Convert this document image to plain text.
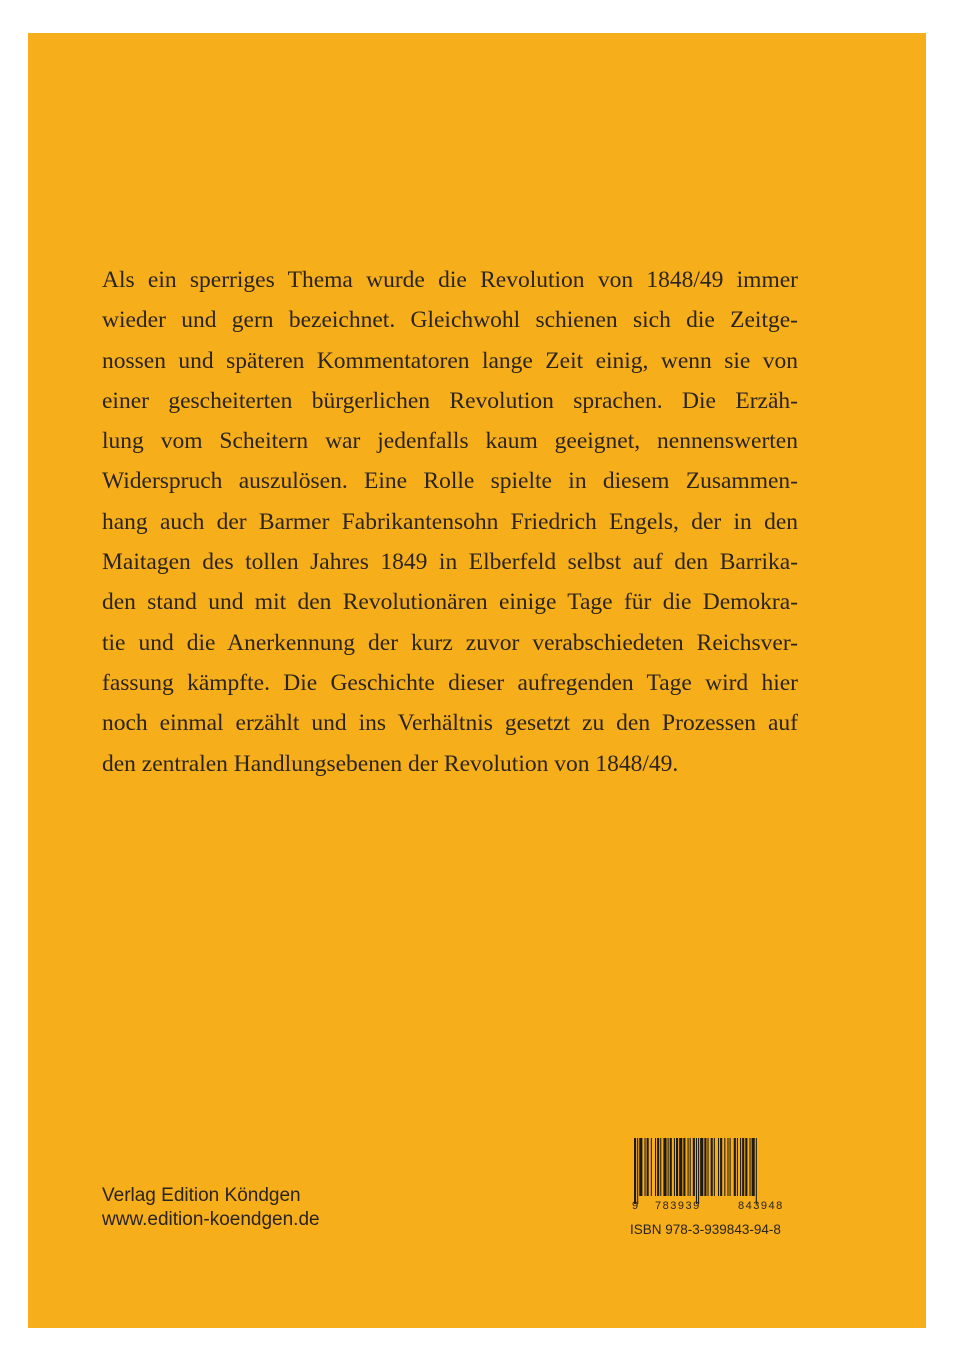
Als ein sperriges Thema wurde die Revolution von 1848/49 immer
wieder und gern bezeichnet. Gleichwohl schienen sich die Zeitge-
nossen und späteren Kommentatoren lange Zeit einig, wenn sie von
einer gescheiterten bürgerlichen Revolution sprachen. Die Erzäh-
lung vom Scheitern war jedenfalls kaum geeignet, nennenswerten
Widerspruch auszulösen. Eine Rolle spielte in diesem Zusammen-
hang auch der Barmer Fabrikantensohn Friedrich Engels, der in den
Maitagen des tollen Jahres 1849 in Elberfeld selbst auf den Barrika-
den stand und mit den Revolutionären einige Tage für die Demokra-
tie und die Anerkennung der kurz zuvor verabschiedeten Reichsver-
fassung kämpfte. Die Geschichte dieser aufregenden Tage wird hier
noch einmal erzählt und ins Verhältnis gesetzt zu den Prozessen auf
den zentralen Handlungsebenen der Revolution von 1848/49.
Verlag Edition Köndgen
www.edition-koendgen.de
9 783939	843948
ISBN 978-3-939843-94-8
